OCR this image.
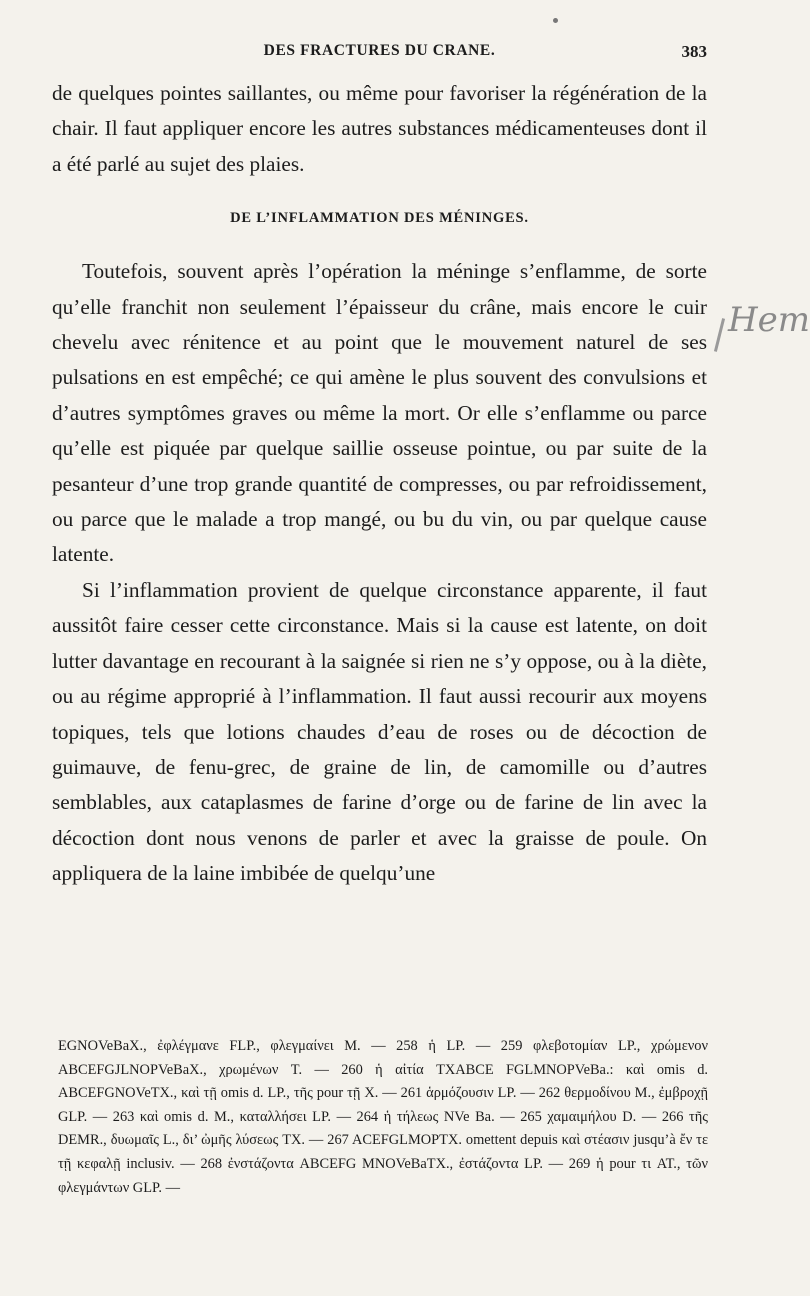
DES FRACTURES DU CRANE.	383

de quelques pointes saillantes, ou même pour favoriser la régénération de la chair. Il faut appliquer encore les autres substances médicamenteuses dont il a été parlé au sujet des plaies.

DE L’INFLAMMATION DES MÉNINGES.

Toutefois, souvent après l’opération la méninge s’enflamme, de sorte qu’elle franchit non seulement l’épaisseur du crâne, mais encore le cuir chevelu avec rénitence et au point que le mouvement naturel de ses pulsations en est empêché; ce qui amène le plus souvent des convulsions et d’autres symptômes graves ou même la mort. Or elle s’enflamme ou parce qu’elle est piquée par quelque saillie osseuse pointue, ou par suite de la pesanteur d’une trop grande quantité de compresses, ou par refroidissement, ou parce que le malade a trop mangé, ou bu du vin, ou par quelque cause latente.

Si l’inflammation provient de quelque circonstance apparente, il faut aussitôt faire cesser cette circonstance. Mais si la cause est latente, on doit lutter davantage en recourant à la saignée si rien ne s’y oppose, ou à la diète, ou au régime approprié à l’inflammation. Il faut aussi recourir aux moyens topiques, tels que lotions chaudes d’eau de roses ou de décoction de guimauve, de fenu-grec, de graine de lin, de camomille ou d’autres semblables, aux cataplasmes de farine d’orge ou de farine de lin avec la décoction dont nous venons de parler et avec la graisse de poule. On appliquera de la laine imbibée de quelqu’une

EGNOVeBaX., ἐφλέγμανε FLP., φλεγμαίνει M. — 258 ἡ LP. — 259 φλεβοτομίαν LP., χρώμενον ABCEFGJLNOPVeBaX., χρωμένων T. — 260 ἡ αἰτία TXABCE FGLMNOPVeBa.: καὶ omis d. ABCEFGNOVeTX., καὶ τῇ omis d. LP., τῆς pour τῇ X. — 261 ἁρμόζουσιν LP. — 262 θερμοδίνου M., ἐμβροχῇ GLP. — 263 καὶ omis d. M., καταλλήσει LP. — 264 ἡ τήλεως NVe Ba. — 265 χαμαιμήλου D. — 266 τῆς DEMR., δυωμαῖς L., δι’ ὠμῆς λύσεως TX. — 267 ACEFGLMOPTX. omettent depuis καὶ στέασιν jusqu’à ἔν τε τῇ κεφαλῇ inclusiv. — 268 ἐνστάζοντα ABCEFG MNOVeBaTX., ἐστάζοντα LP. — 269 ἡ pour τι AT., τῶν φλεγμάντων GLP. —

Hem
